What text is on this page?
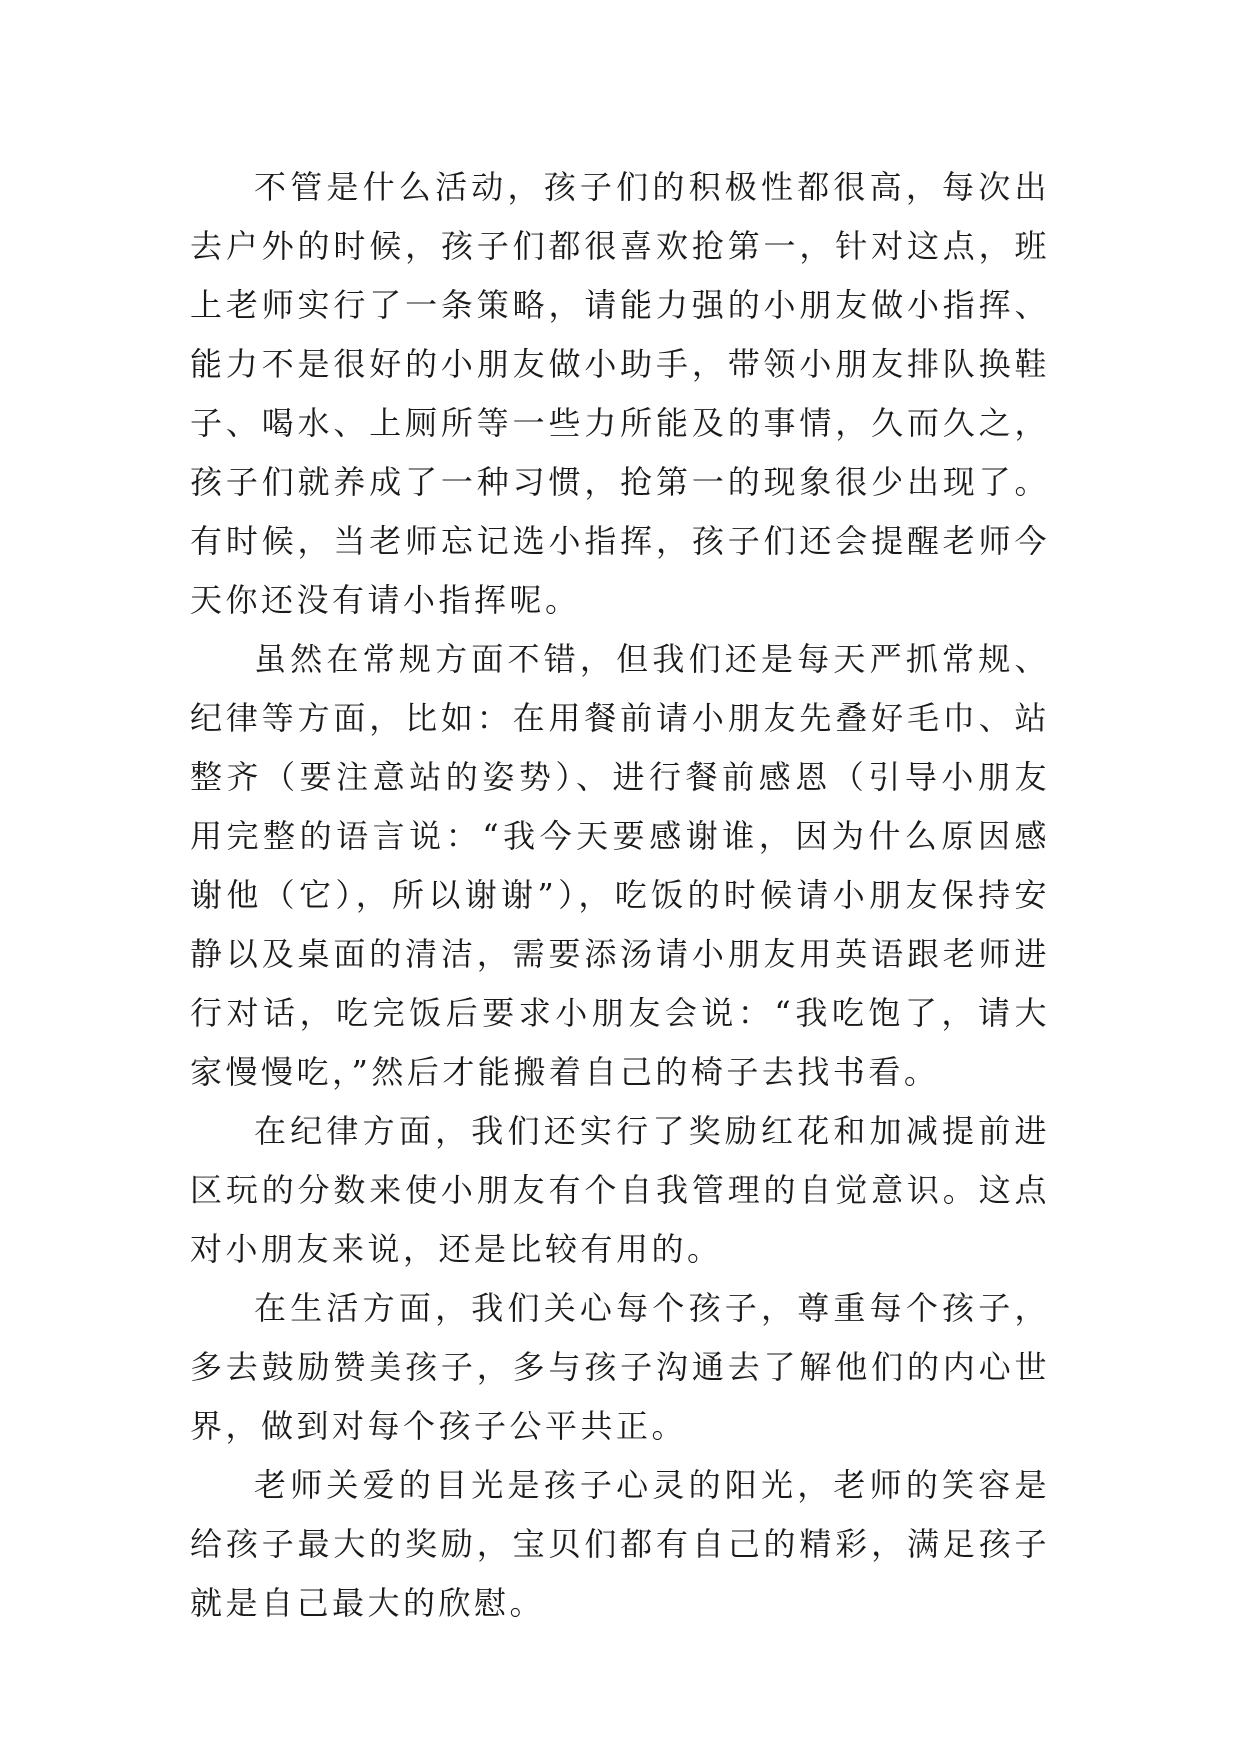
不管是什么活动，孩子们的积极性都很高，每次出去户外的时候，孩子们都很喜欢抢第一，针对这点，班上老师实行了一条策略，请能力强的小朋友做小指挥、能力不是很好的小朋友做小助手，带领小朋友排队换鞋子、喝水、上厕所等一些力所能及的事情，久而久之，孩子们就养成了一种习惯，抢第一的现象很少出现了。有时候，当老师忘记选小指挥，孩子们还会提醒老师今天你还没有请小指挥呢。

虽然在常规方面不错，但我们还是每天严抓常规、纪律等方面，比如：在用餐前请小朋友先叠好毛巾、站整齐（要注意站的姿势）、进行餐前感恩（引导小朋友用完整的语言说：“我今天要感谢谁，因为什么原因感谢他（它），所以谢谢”），吃饭的时候请小朋友保持安静以及桌面的清洁，需要添汤请小朋友用英语跟老师进行对话，吃完饭后要求小朋友会说：“我吃饱了，请大家慢慢吃，”然后才能搬着自己的椅子去找书看。

在纪律方面，我们还实行了奖励红花和加减提前进区玩的分数来使小朋友有个自我管理的自觉意识。这点对小朋友来说，还是比较有用的。

在生活方面，我们关心每个孩子，尊重每个孩子，多去鼓励赞美孩子，多与孩子沟通去了解他们的内心世界，做到对每个孩子公平共正。

老师关爱的目光是孩子心灵的阳光，老师的笑容是给孩子最大的奖励，宝贝们都有自己的精彩，满足孩子就是自己最大的欣慰。
